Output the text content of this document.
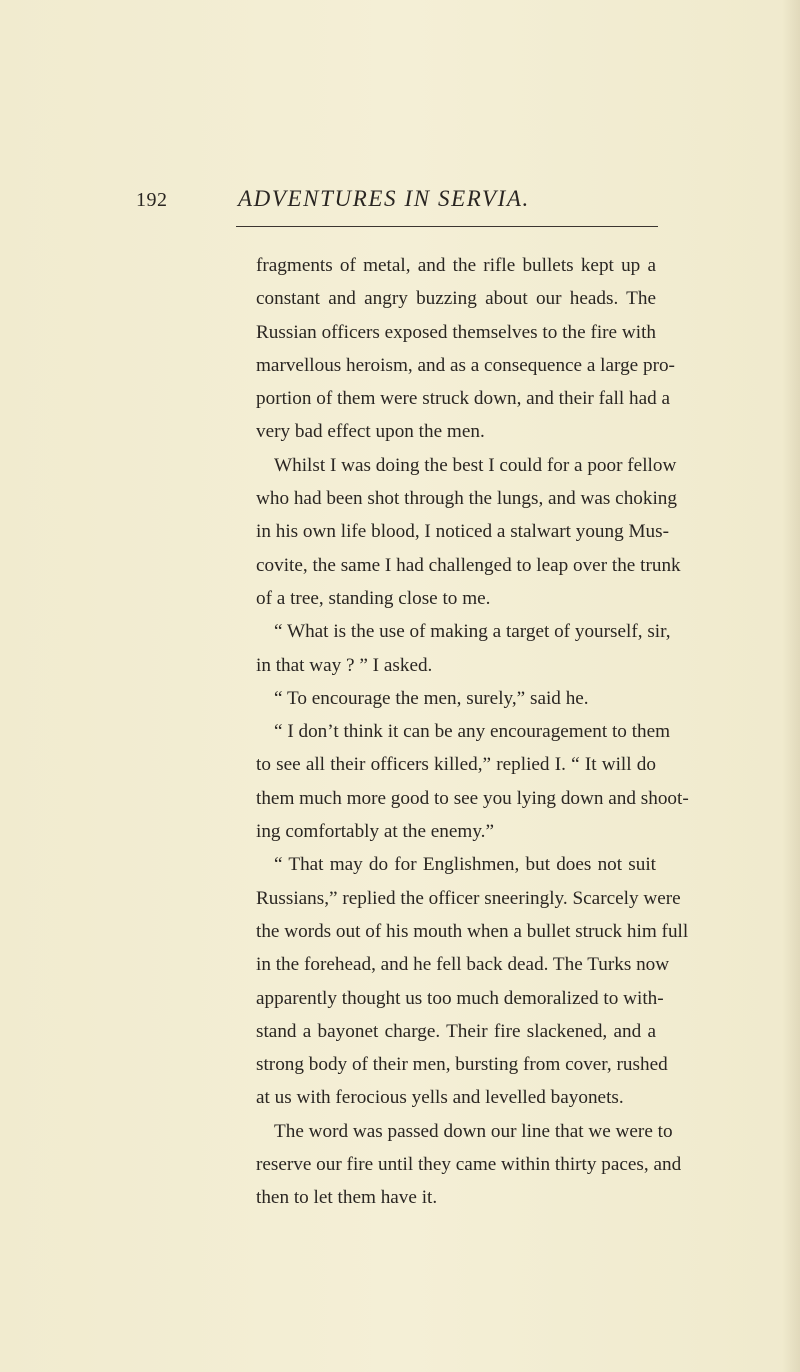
192	ADVENTURES IN SERVIA.
fragments of metal, and the rifle bullets kept up a
constant and angry buzzing about our heads. The
Russian officers exposed themselves to the fire with
marvellous heroism, and as a consequence a large pro-
portion of them were struck down, and their fall had a
very bad effect upon the men.
Whilst I was doing the best I could for a poor fellow
who had been shot through the lungs, and was choking
in his own life blood, I noticed a stalwart young Mus-
covite, the same I had challenged to leap over the trunk
of a tree, standing close to me.
“ What is the use of making a target of yourself, sir,
in that way ? ” I asked.
“ To encourage the men, surely,” said he.
“ I don’t think it can be any encouragement to them
to see all their officers killed,” replied I. “ It will do
them much more good to see you lying down and shoot-
ing comfortably at the enemy.”
“ That may do for Englishmen, but does not suit
Russians,” replied the officer sneeringly. Scarcely were
the words out of his mouth when a bullet struck him full
in the forehead, and he fell back dead. The Turks now
apparently thought us too much demoralized to with-
stand a bayonet charge. Their fire slackened, and a
strong body of their men, bursting from cover, rushed
at us with ferocious yells and levelled bayonets.
The word was passed down our line that we were to
reserve our fire until they came within thirty paces, and
then to let them have it.
